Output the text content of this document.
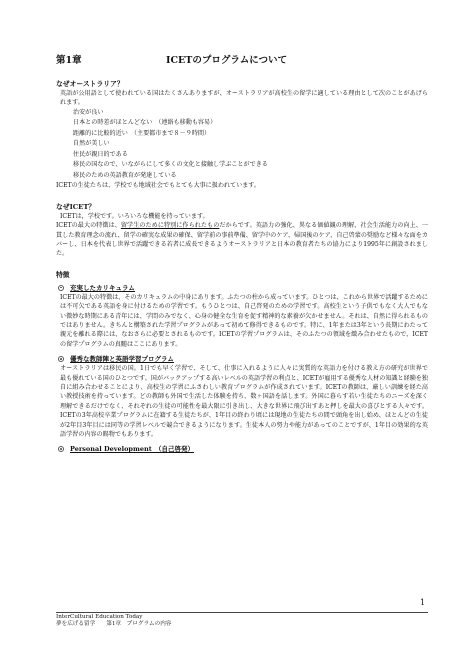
第1章	ICETのプログラムについて
なぜオーストラリア？
英語が公用語として使われている国はたくさんありますが、オーストラリアが高校生の留学に適している理由として次のことがあげられます。
治安が良い
日本との時差がほとんどない　（連絡も移動も容易）
距離的に比較的近い　（主要都市まで８－９時間）
自然が美しい
住民が親日的である
移民の国なので、いながらにして多くの文化と接触し学ぶことができる
移民のための英語教育が発達している
ICETの生徒たちは、学校でも地域社会でもとても大事に扱われています。
なぜICET？
ICETは，学校です。いろいろな機能を持っています。
ICETの最大の特徴は、留学生のために特別に作られたものだからです。英語力の強化、異なる価値観の理解、社会生活能力の向上、一貫した教育理念の流れ、留学の確実な成果の確保、留学前の事前準備、留学中のケア、帰国後のケア、自己啓蒙の奨励など様々な面をカバーし、日本を代表し世界で活躍できる若者に成長できるようオーストラリアと日本の教育者たちの協力により1995年に創設されました。
特徴
充実したカリキュラム
ICETの最大の特徴は、そのカリキュラムの中身にあります。ふたつの柱から成っています。ひとつは、これから世界で活躍するためには不可欠である英語を身に付けるための学習です。もうひとつは、自己啓発のための学習です。高校生という子供でもなく大人でもない微妙な時期にある青年には、学問のみでなく、心身の健全な生育を促す精神的な素養が欠かせません。それは、自然に得られるものではありません。きちんと構築された学習プログラムがあって初めて修得できるものです。特に、1年または3年という長期にわたって親元を離れる際には、なおさらに必要とされるものです。ICETの学習プログラムは、そのふたつの領域を緻み合わせたもので、ICETの留学プログラムの真髄はここにあります。
優秀な教師陣と英語学習プログラム
オーストラリアは移民の国。1日でも早く学習で、そして、仕事に入れるように人々に実質的な英語力を付ける教え方の研究が世界で最も優れている国のひとつです。国がバックアップする高いレベルの英語学習の利点と、ICETが雇用する優秀な人材の知識と経験を独自に組み合わせることにより、高校生の学習にふさわしい教育プログラムが作成されています。ICETの教師は、厳しい訓練を経た高い教授技術を持っています。どの教師も外国で生活した体験を持ち、数ヶ国語を話します。外国に暮らす若い生徒たちのニーズを深く理解できるだけでなく、それぞれの生徒の可能性を最大限に引き出し、大きな世界に飛び出すあと押しを最大の喜びとする人々です。ICETの3年高校卒業プログラムに在籍する生徒たちが、1年目の終わり頃には現地の生徒たちの間で頭角を出し始め、ほとんどの生徒が2年目3年目には同等の学習レベルで競合できるようになります。生徒本人の努力や能力があってのことですが、1年目の効果的な英語学習の内容の賜物でもあります。
Personal Development　（自己啓発）
1
InterCultural Education Today
夢を広げる留学　　第1章　プログラムの内容
